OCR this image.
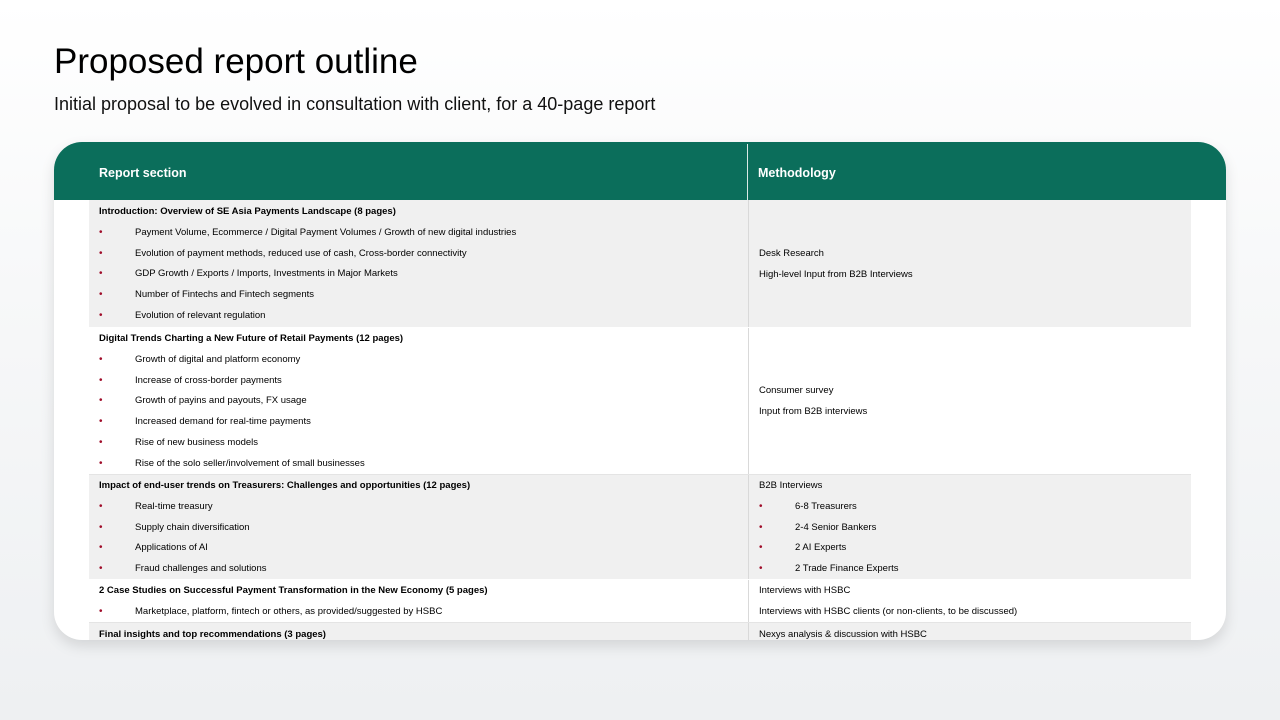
Proposed report outline

Initial proposal to be evolved in consultation with client, for a 40-page report

Report section	Methodology
Introduction: Overview of SE Asia Payments Landscape (8 pages)
• Payment Volume, Ecommerce / Digital Payment Volumes / Growth of new digital industries
• Evolution of payment methods, reduced use of cash, Cross-border connectivity
• GDP Growth / Exports / Imports, Investments in Major Markets
• Number of Fintechs and Fintech segments
• Evolution of relevant regulation
Desk Research
High-level Input from B2B Interviews
Digital Trends Charting a New Future of Retail Payments (12 pages)
• Growth of digital and platform economy
• Increase of cross-border payments
• Growth of payins and payouts, FX usage
• Increased demand for real-time payments
• Rise of new business models
• Rise of the solo seller/involvement of small businesses
Consumer survey
Input from B2B interviews
Impact of end-user trends on Treasurers: Challenges and opportunities (12 pages)
• Real-time treasury
• Supply chain diversification
• Applications of AI
• Fraud challenges and solutions
B2B Interviews
• 6-8 Treasurers
• 2-4 Senior Bankers
• 2 AI Experts
• 2 Trade Finance Experts
2 Case Studies on Successful Payment Transformation in the New Economy (5 pages)
• Marketplace, platform, fintech or others, as provided/suggested by HSBC
Interviews with HSBC
Interviews with HSBC clients (or non-clients, to be discussed)
Final insights and top recommendations (3 pages)	Nexys analysis & discussion with HSBC
